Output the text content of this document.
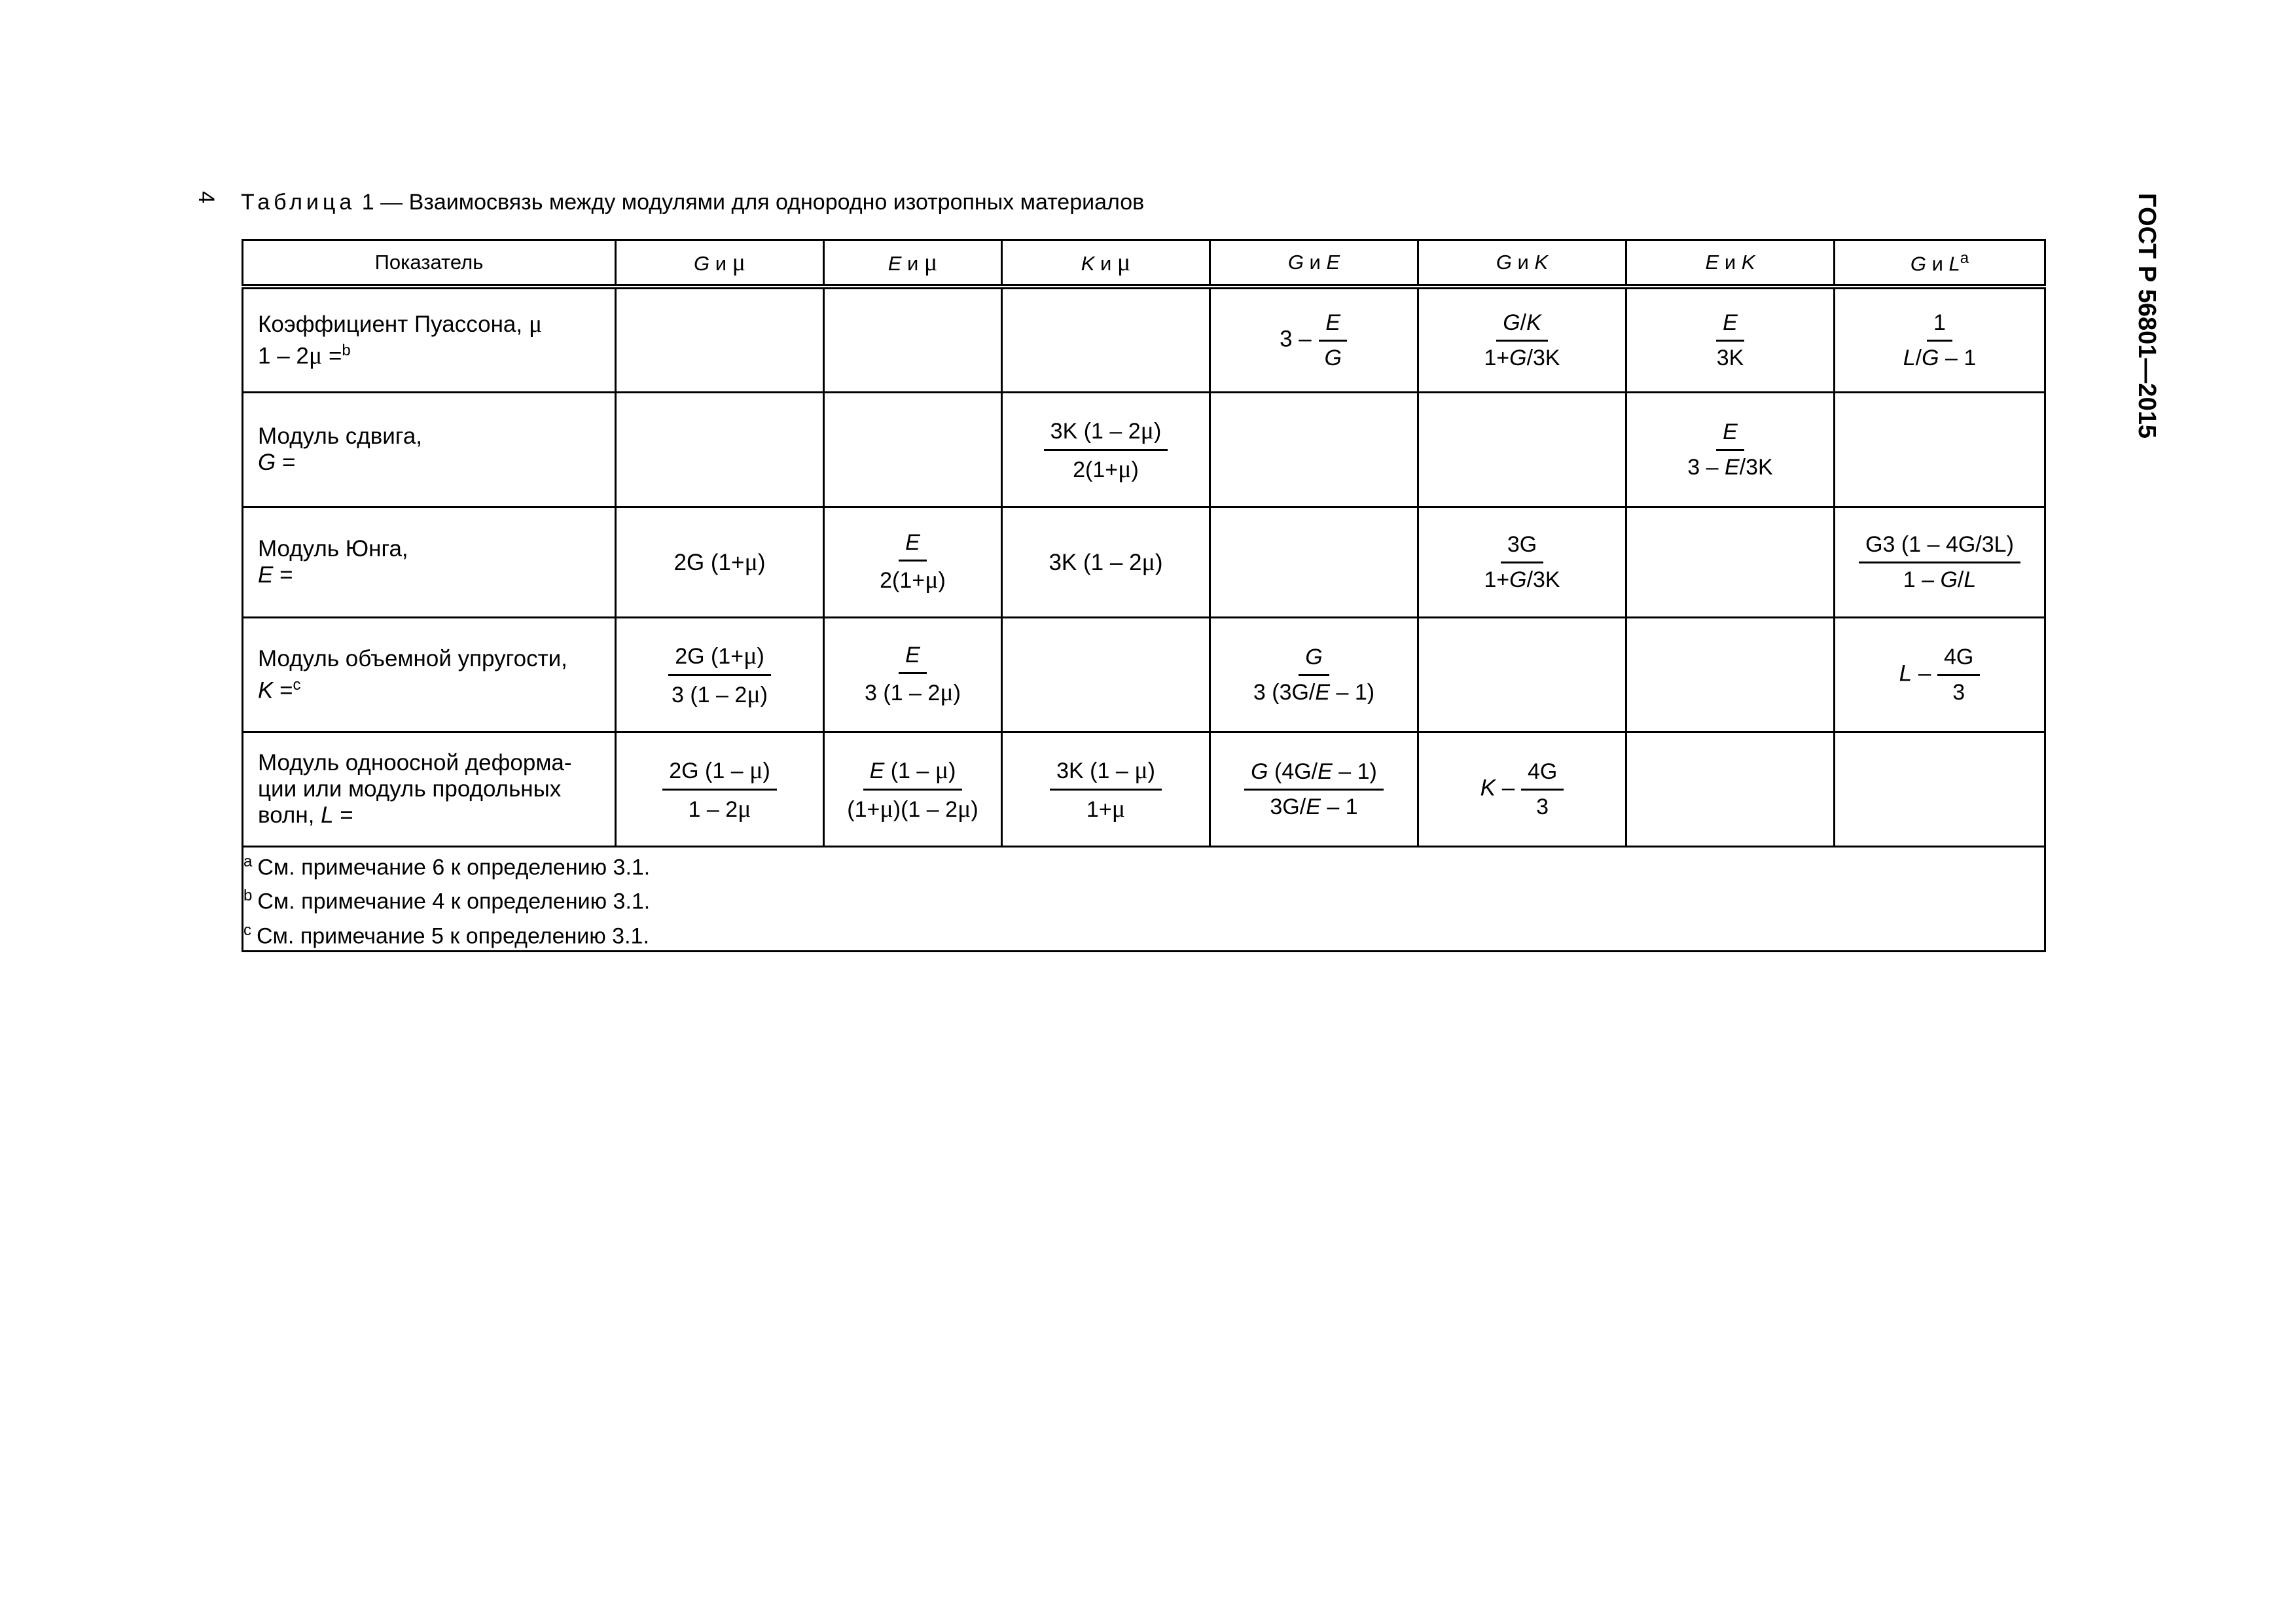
4	ГОСТ Р 56801—2015
Таблица 1 — Взаимосвязь между модулями для однородно изотропных материалов
Показатель	G и μ	E и μ	K и μ	G и E	G и K	E и K	G и $L^a$
Коэффициент Пуассона, μ
1 – 2μ =$^b$				$3 - \frac{E}{G}$	$\frac{G/K}{1+G/3K}$	$\frac{E}{3K}$	$\frac{1}{L/G - 1}$

Модуль сдвига,
G =			$\frac{3K (1 - 2\mu)}{2(1+\mu)}$			$\frac{E}{3 - E/3K}$

Модуль Юнга,
E =	2G (1+μ)	$\frac{E}{2(1+\mu)}$	3K (1 – 2μ)		$\frac{3G}{1+G/3K}$		$\frac{G3 (1 - 4G/3L)}{1 - G/L}$

Модуль объемной упругости,
K =$^c$	$\frac{2G (1+\mu)}{3 (1 - 2\mu)}$	$\frac{E}{3 (1 - 2\mu)}$		$\frac{G}{3 (3G/E - 1)}$			L – $\frac{4G}{3}$

Модуль одноосной деформа-
ции или модуль продольных
волн, L =	$\frac{2G (1 - \mu)}{1 - 2\mu}$	$\frac{E (1 - \mu)}{(1+\mu)(1 - 2\mu)}$	$\frac{3K (1 - \mu)}{1+\mu}$	$\frac{G (4G/E - 1)}{3G/E - 1}$	K – $\frac{4G}{3}$

$^a$ См. примечание 6 к определению 3.1.
$^b$ См. примечание 4 к определению 3.1.
$^c$ См. примечание 5 к определению 3.1.							
